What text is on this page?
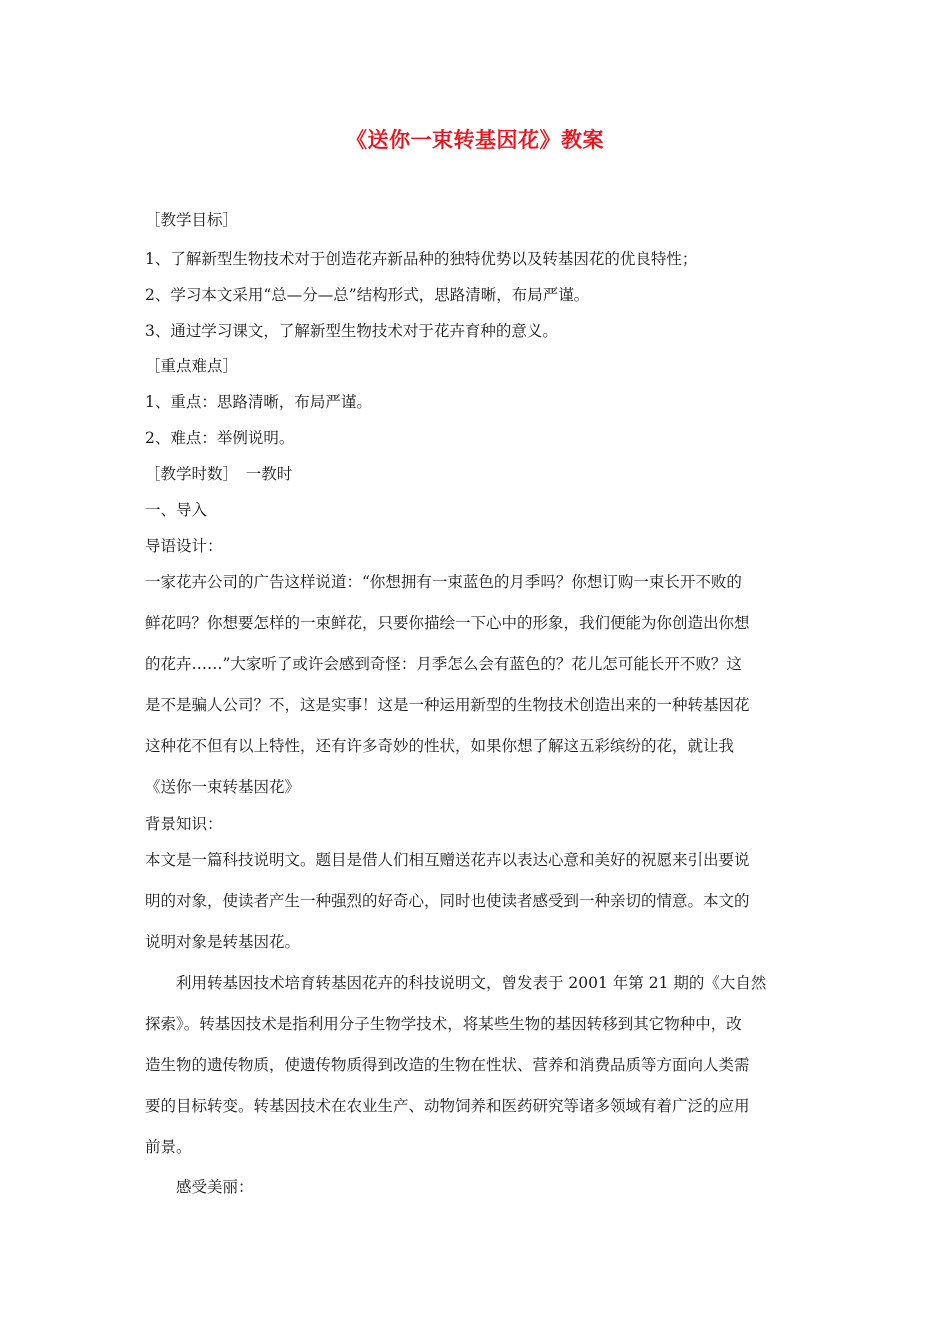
《送你一束转基因花》教案
［教学目标］
1、了解新型生物技术对于创造花卉新品种的独特优势以及转基因花的优良特性；
2、学习本文采用“总—分—总”结构形式，思路清晰，布局严谨。
3、通过学习课文，了解新型生物技术对于花卉育种的意义。
［重点难点］
1、重点：思路清晰，布局严谨。
2、难点：举例说明。
［教学时数］　一教时
一、导入
导语设计：
一家花卉公司的广告这样说道：“你想拥有一束蓝色的月季吗？你想订购一束长开不败的
鲜花吗？你想要怎样的一束鲜花，只要你描绘一下心中的形象，我们便能为你创造出你想
的花卉……”大家听了或许会感到奇怪：月季怎么会有蓝色的？花儿怎可能长开不败？这
是不是骗人公司？不，这是实事！这是一种运用新型的生物技术创造出来的一种转基因花
这种花不但有以上特性，还有许多奇妙的性状，如果你想了解这五彩缤纷的花，就让我
《送你一束转基因花》
背景知识：
本文是一篇科技说明文。题目是借人们相互赠送花卉以表达心意和美好的祝愿来引出要说
明的对象，使读者产生一种强烈的好奇心，同时也使读者感受到一种亲切的情意。本文的
说明对象是转基因花。
利用转基因技术培育转基因花卉的科技说明文，曾发表于 2001 年第 21 期的《大自然
探索》。转基因技术是指利用分子生物学技术，将某些生物的基因转移到其它物种中，改
造生物的遗传物质，使遗传物质得到改造的生物在性状、营养和消费品质等方面向人类需
要的目标转变。转基因技术在农业生产、动物饲养和医药研究等诸多领域有着广泛的应用
前景。
感受美丽：
